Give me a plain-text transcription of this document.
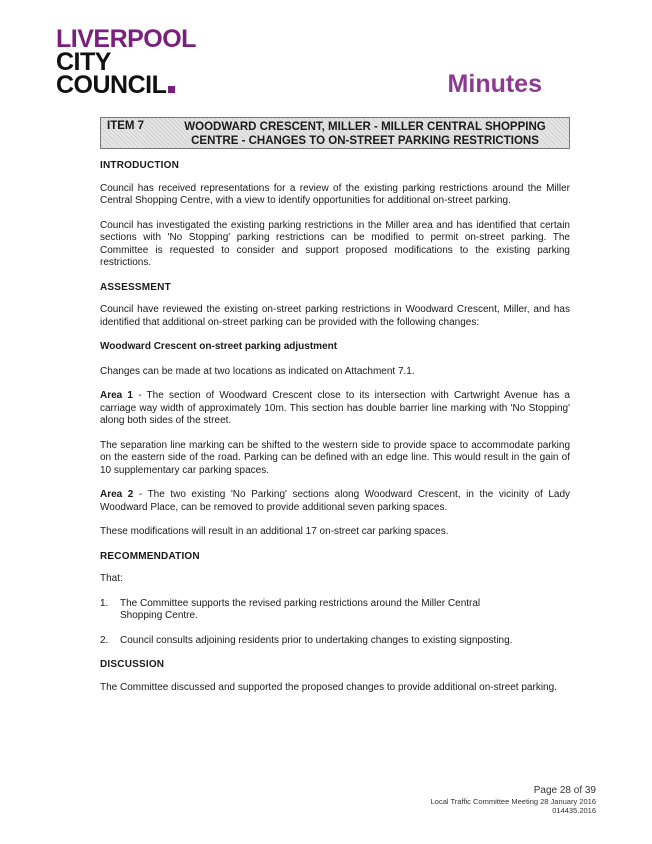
LIVERPOOL
CITY
COUNCIL	Minutes
ITEM 7	WOODWARD CRESCENT, MILLER - MILLER CENTRAL SHOPPING
CENTRE - CHANGES TO ON-STREET PARKING RESTRICTIONS
INTRODUCTION
Council has received representations for a review of the existing parking restrictions around the Miller Central Shopping Centre, with a view to identify opportunities for additional on-street parking.
Council has investigated the existing parking restrictions in the Miller area and has identified that certain sections with 'No Stopping' parking restrictions can be modified to permit on-street parking. The Committee is requested to consider and support proposed modifications to the existing parking restrictions.
ASSESSMENT
Council have reviewed the existing on-street parking restrictions in Woodward Crescent, Miller, and has identified that additional on-street parking can be provided with the following changes:
Woodward Crescent on-street parking adjustment
Changes can be made at two locations as indicated on Attachment 7.1.
Area 1 - The section of Woodward Crescent close to its intersection with Cartwright Avenue has a carriage way width of approximately 10m. This section has double barrier line marking with 'No Stopping' along both sides of the street.
The separation line marking can be shifted to the western side to provide space to accommodate parking on the eastern side of the road. Parking can be defined with an edge line. This would result in the gain of 10 supplementary car parking spaces.
Area 2 - The two existing 'No Parking' sections along Woodward Crescent, in the vicinity of Lady Woodward Place, can be removed to provide additional seven parking spaces.
These modifications will result in an additional 17 on-street car parking spaces.
RECOMMENDATION
That:
1.	The Committee supports the revised parking restrictions around the Miller Central Shopping Centre.
2.	Council consults adjoining residents prior to undertaking changes to existing signposting.
DISCUSSION
The Committee discussed and supported the proposed changes to provide additional on-street parking.
Page 28 of 39
Local Traffic Committee Meeting 28 January 2016
014435.2016
